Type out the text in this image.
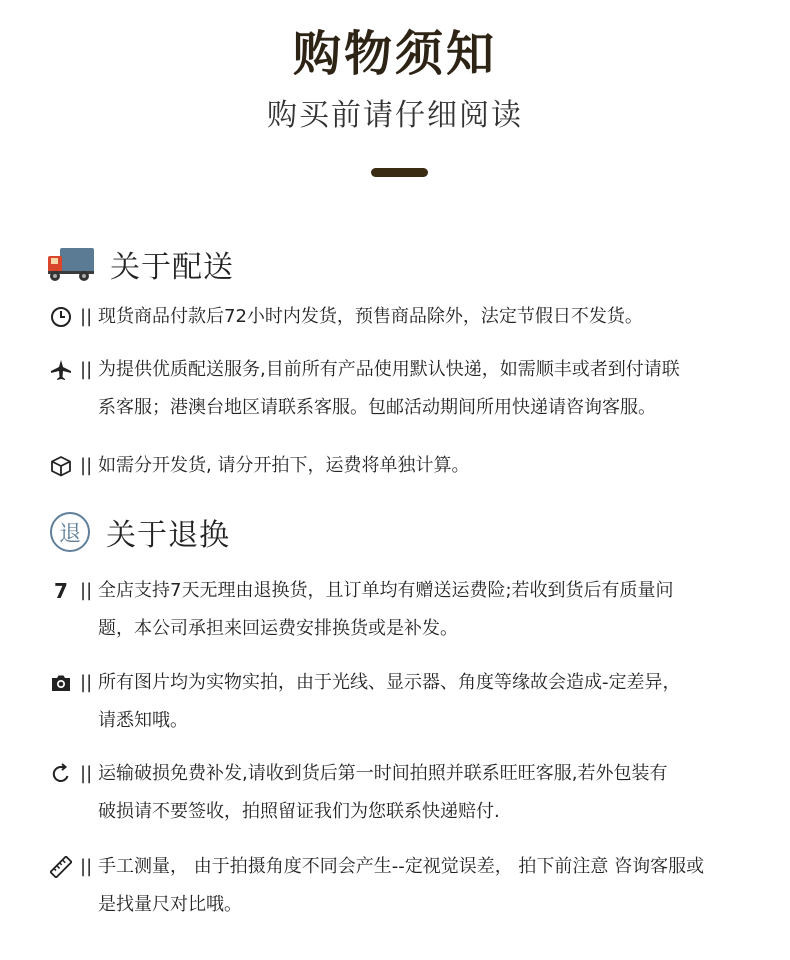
购物须知
购买前请仔细阅读
关于配送
|| 现货商品付款后72小时内发货，预售商品除外，法定节假日不发货。
|| 为提供优质配送服务,目前所有产品使用默认快递，如需顺丰或者到付请联
系客服；港澳台地区请联系客服。包邮活动期间所用快递请咨询客服。
|| 如需分开发货, 请分开拍下，运费将单独计算。
退 关于退换
7 || 全店支持7天无理由退换货，且订单均有赠送运费险;若收到货后有质量问
题，本公司承担来回运费安排换货或是补发。
|| 所有图片均为实物实拍，由于光线、显示器、角度等缘故会造成-定差异，
请悉知哦。
|| 运输破损免费补发,请收到货后第一时间拍照并联系旺旺客服,若外包装有
破损请不要签收，拍照留证我们为您联系快递赔付.
|| 手工测量， 由于拍摄角度不同会产生--定视觉误差， 拍下前注意 咨询客服或
是找量尺对比哦。
